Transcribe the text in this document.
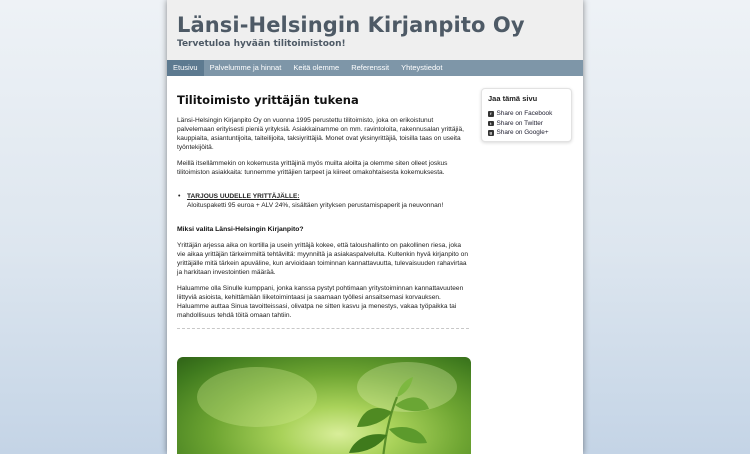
Länsi-Helsingin Kirjanpito Oy

Tervetuloa hyvään tilitoimistoon!

Etusivu	Palvelumme ja hinnat	Keitä olemme	Referenssit	Yhteystiedot
Tilitoimisto yrittäjän tukena

Länsi-Helsingin Kirjanpito Oy on vuonna 1995 perustettu tilitoimisto, joka on erikoistunut palvelemaan erityisesti pieniä yrityksiä. Asiakkainamme on mm. ravintoloita, rakennusalan yrittäjiä, kauppiaita, asiantuntijoita, taiteilijoita, taksiyrittäjiä. Monet ovat yksinyrittäjiä, toisilla taas on useita työntekijöitä.

Meillä itsellämmekin on kokemusta yrittäjinä myös muilta aloilta ja olemme siten olleet joskus tilitoimiston asiakkaita: tunnemme yrittäjien tarpeet ja kiireet omakohtaisesta kokemuksesta.

• TARJOUS UUDELLE YRITTÄJÄLLE:
Aloituspaketti 95 euroa + ALV 24%, sisältäen yrityksen perustamispaperit ja neuvonnan!
Miksi valita Länsi-Helsingin Kirjanpito?

Yrittäjän arjessa aika on kortilla ja usein yrittäjä kokee, että taloushallinto on pakollinen riesa, joka vie aikaa yrittäjän tärkeimmiltä tehtäviltä: myynniltä ja asiakaspalvelulta. Kultenkin hyvä kirjanpito on yrittäjälle mitä tärkein apuväline, kun arvioidaan toiminnan kannattavuutta, tulevaisuuden rahavirtaa ja harkitaan investointien määrää.

Haluamme olla Sinulle kumppani, jonka kanssa pystyt pohtimaan yritystoiminnan kannattavuuteen liittyviä asioista, kehittämään liiketoimintaasi ja saamaan työllesi ansaitsemasi korvauksen. Haluamme auttaa Sinua tavoitteissasi, olivatpa ne sitten kasvu ja menestys, vakaa työpaikka tai mahdollisuus tehdä töitä omaan tahtiin.

Jaa tämä sivu
f Share on Facebook
t Share on Twitter
g Share on Google+
